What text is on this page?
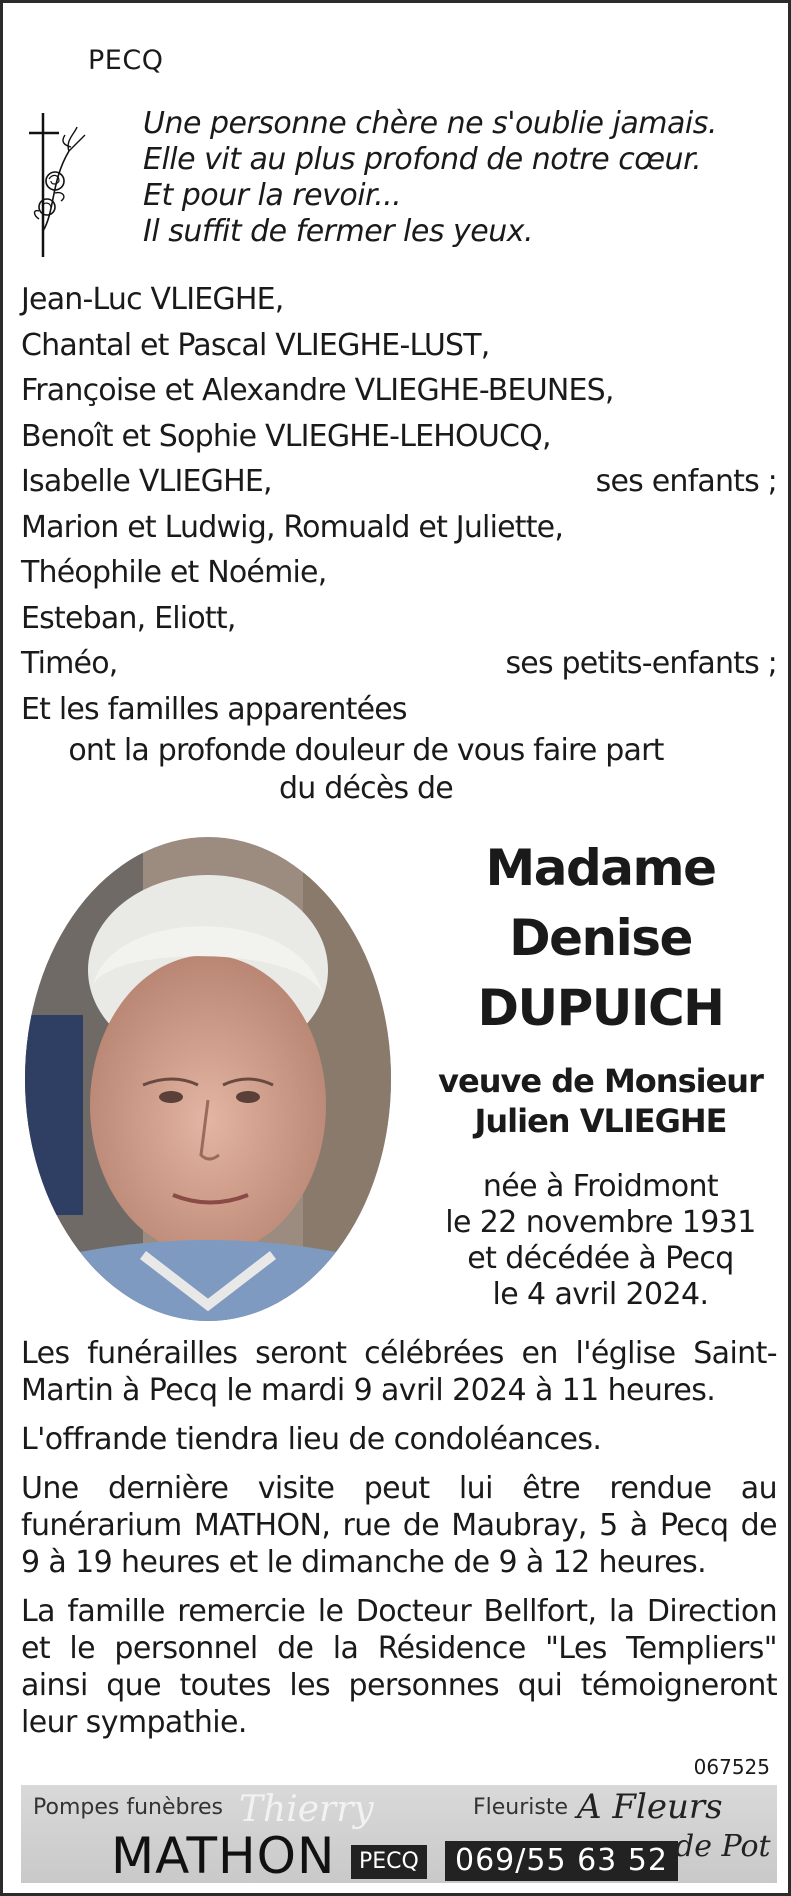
PECQ
Une personne chère ne s'oublie jamais.
Elle vit au plus profond de notre cœur.
Et pour la revoir...
Il suffit de fermer les yeux.
Jean-Luc VLIEGHE,
Chantal et Pascal VLIEGHE-LUST,
Françoise et Alexandre VLIEGHE-BEUNES,
Benoît et Sophie VLIEGHE-LEHOUCQ,
Isabelle VLIEGHE,	ses enfants ;
Marion et Ludwig, Romuald et Juliette,
Théophile et Noémie,
Esteban, Eliott,
Timéo,	ses petits-enfants ;
Et les familles apparentées
ont la profonde douleur de vous faire part
du décès de
Madame
Denise
DUPUICH
veuve de Monsieur
Julien VLIEGHE
née à Froidmont
le 22 novembre 1931
et décédée à Pecq
le 4 avril 2024.

Les funérailles seront célébrées en l'église Saint-Martin à Pecq le mardi 9 avril 2024 à 11 heures.

L'offrande tiendra lieu de condoléances.

Une dernière visite peut lui être rendue au funérarium MATHON, rue de Maubray, 5 à Pecq de 9 à 19 heures et le dimanche de 9 à 12 heures.

La famille remercie le Docteur Bellfort, la Direction et le personnel de la Résidence "Les Templiers" ainsi que toutes les personnes qui témoigneront leur sympathie.

067525
Pompes funèbres Thierry
MATHON	PECQ	069/55 63 52
Fleuriste A Fleurs
de Pot
